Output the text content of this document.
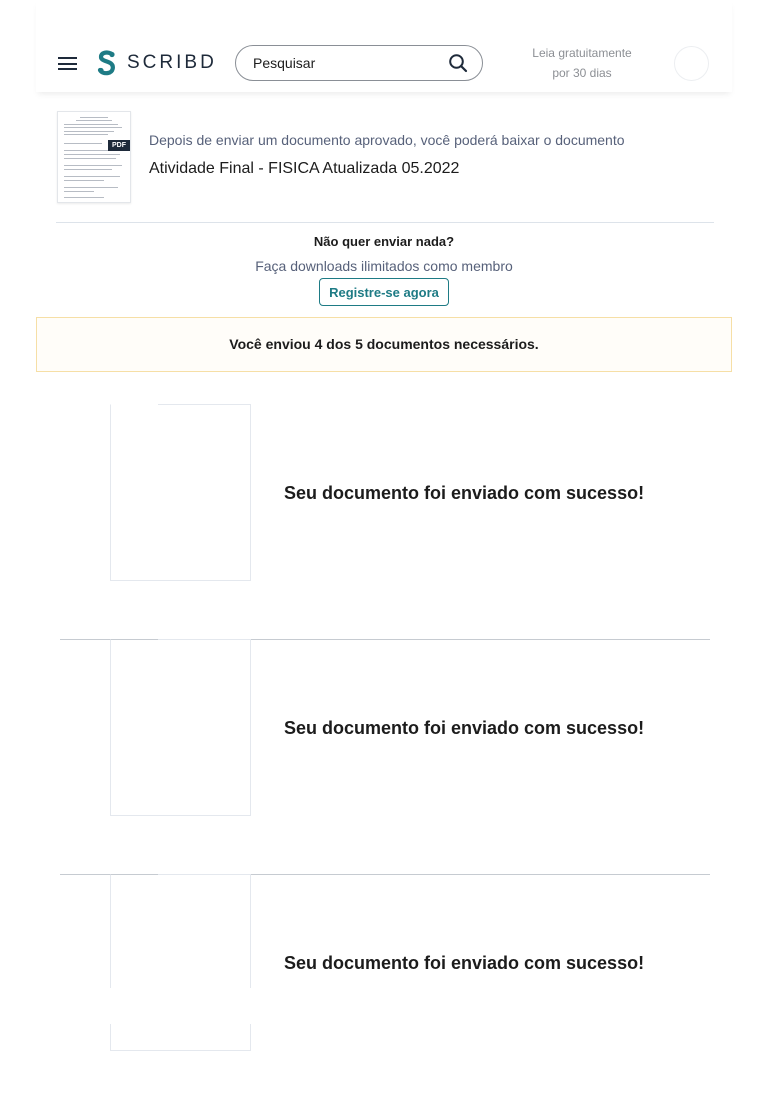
SCRIBD
Pesquisar	Leia gratuitamente
por 30 dias
PDF Depois de enviar um documento aprovado, você poderá baixar o documento
Atividade Final - FISICA Atualizada 05.2022
Não quer enviar nada?
Faça downloads ilimitados como membro
Registre-se agora
Você enviou 4 dos 5 documentos necessários.
Seu documento foi enviado com sucesso!
Seu documento foi enviado com sucesso!
Seu documento foi enviado com sucesso!
